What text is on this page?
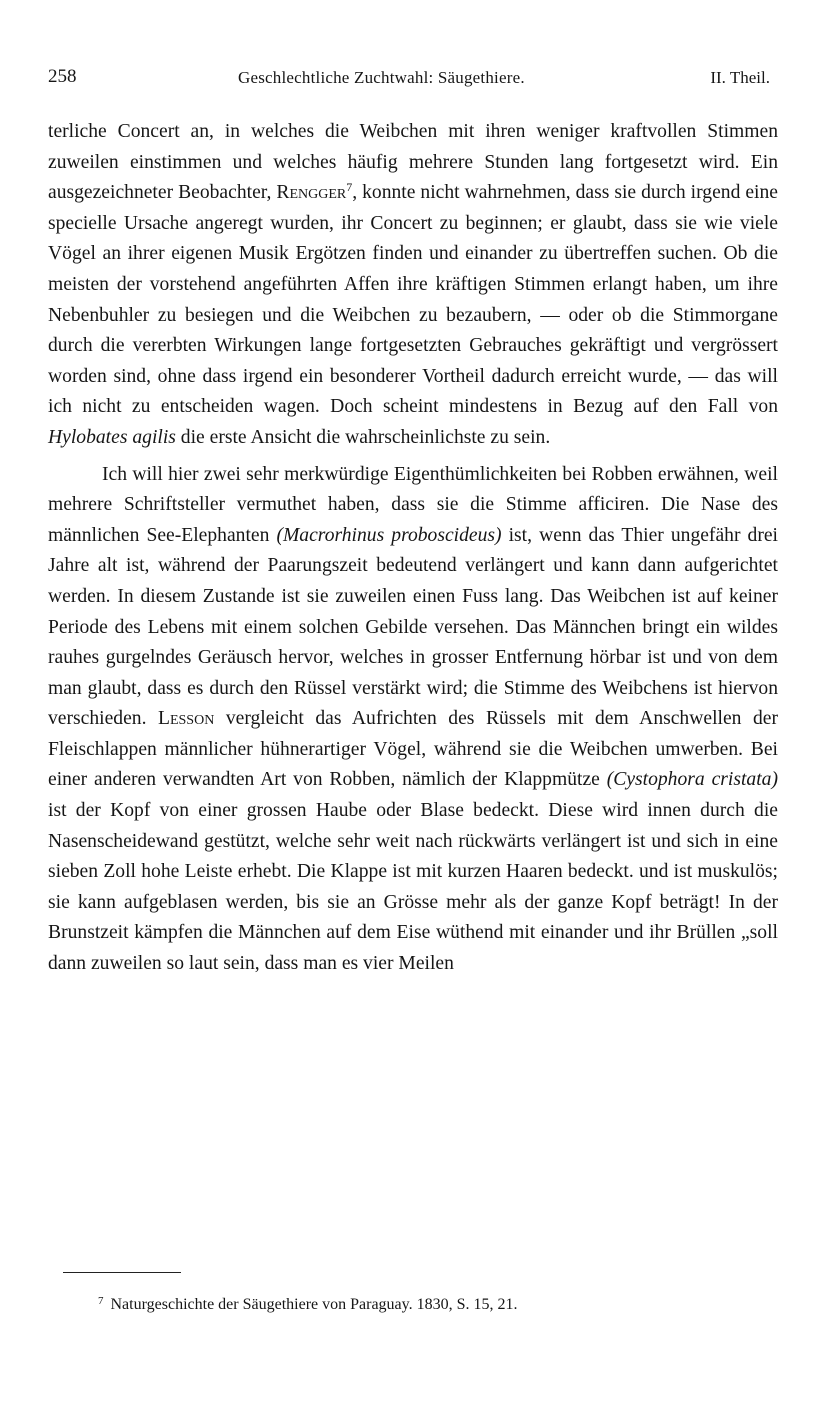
258	Geschlechtliche Zuchtwahl: Säugethiere.	II. Theil.

terliche Concert an, in welches die Weibchen mit ihren weniger kraftvollen Stimmen zuweilen einstimmen und welches häufig mehrere Stunden lang fortgesetzt wird. Ein ausgezeichneter Beobachter, Rengger$^7$, konnte nicht wahrnehmen, dass sie durch irgend eine specielle Ursache angeregt wurden, ihr Concert zu beginnen; er glaubt, dass sie wie viele Vögel an ihrer eigenen Musik Ergötzen finden und einander zu übertreffen suchen. Ob die meisten der vorstehend angeführten Affen ihre kräftigen Stimmen erlangt haben, um ihre Nebenbuhler zu besiegen und die Weibchen zu bezaubern, — oder ob die Stimmorgane durch die vererbten Wirkungen lange fortgesetzten Gebrauches gekräftigt und vergrössert worden sind, ohne dass irgend ein besonderer Vortheil dadurch erreicht wurde, — das will ich nicht zu entscheiden wagen. Doch scheint mindestens in Bezug auf den Fall von Hylobates agilis die erste Ansicht die wahrscheinlichste zu sein.

Ich will hier zwei sehr merkwürdige Eigenthümlichkeiten bei Robben erwähnen, weil mehrere Schriftsteller vermuthet haben, dass sie die Stimme afficiren. Die Nase des männlichen See-Elephanten (Macrorhinus proboscideus) ist, wenn das Thier ungefähr drei Jahre alt ist, während der Paarungszeit bedeutend verlängert und kann dann aufgerichtet werden. In diesem Zustande ist sie zuweilen einen Fuss lang. Das Weibchen ist auf keiner Periode des Lebens mit einem solchen Gebilde versehen. Das Männchen bringt ein wildes rauhes gurgelndes Geräusch hervor, welches in grosser Entfernung hörbar ist und von dem man glaubt, dass es durch den Rüssel verstärkt wird; die Stimme des Weibchens ist hiervon verschieden. Lesson vergleicht das Aufrichten des Rüssels mit dem Anschwellen der Fleischlappen männlicher hühnerartiger Vögel, während sie die Weibchen umwerben. Bei einer anderen verwandten Art von Robben, nämlich der Klappmütze (Cystophora cristata) ist der Kopf von einer grossen Haube oder Blase bedeckt. Diese wird innen durch die Nasenscheidewand gestützt, welche sehr weit nach rückwärts verlängert ist und sich in eine sieben Zoll hohe Leiste erhebt. Die Klappe ist mit kurzen Haaren bedeckt. und ist muskulös; sie kann aufgeblasen werden, bis sie an Grösse mehr als der ganze Kopf beträgt! In der Brunstzeit kämpfen die Männchen auf dem Eise wüthend mit einander und ihr Brüllen „soll dann zuweilen so laut sein, dass man es vier Meilen

$^7$ Naturgeschichte der Säugethiere von Paraguay. 1830, S. 15, 21.
